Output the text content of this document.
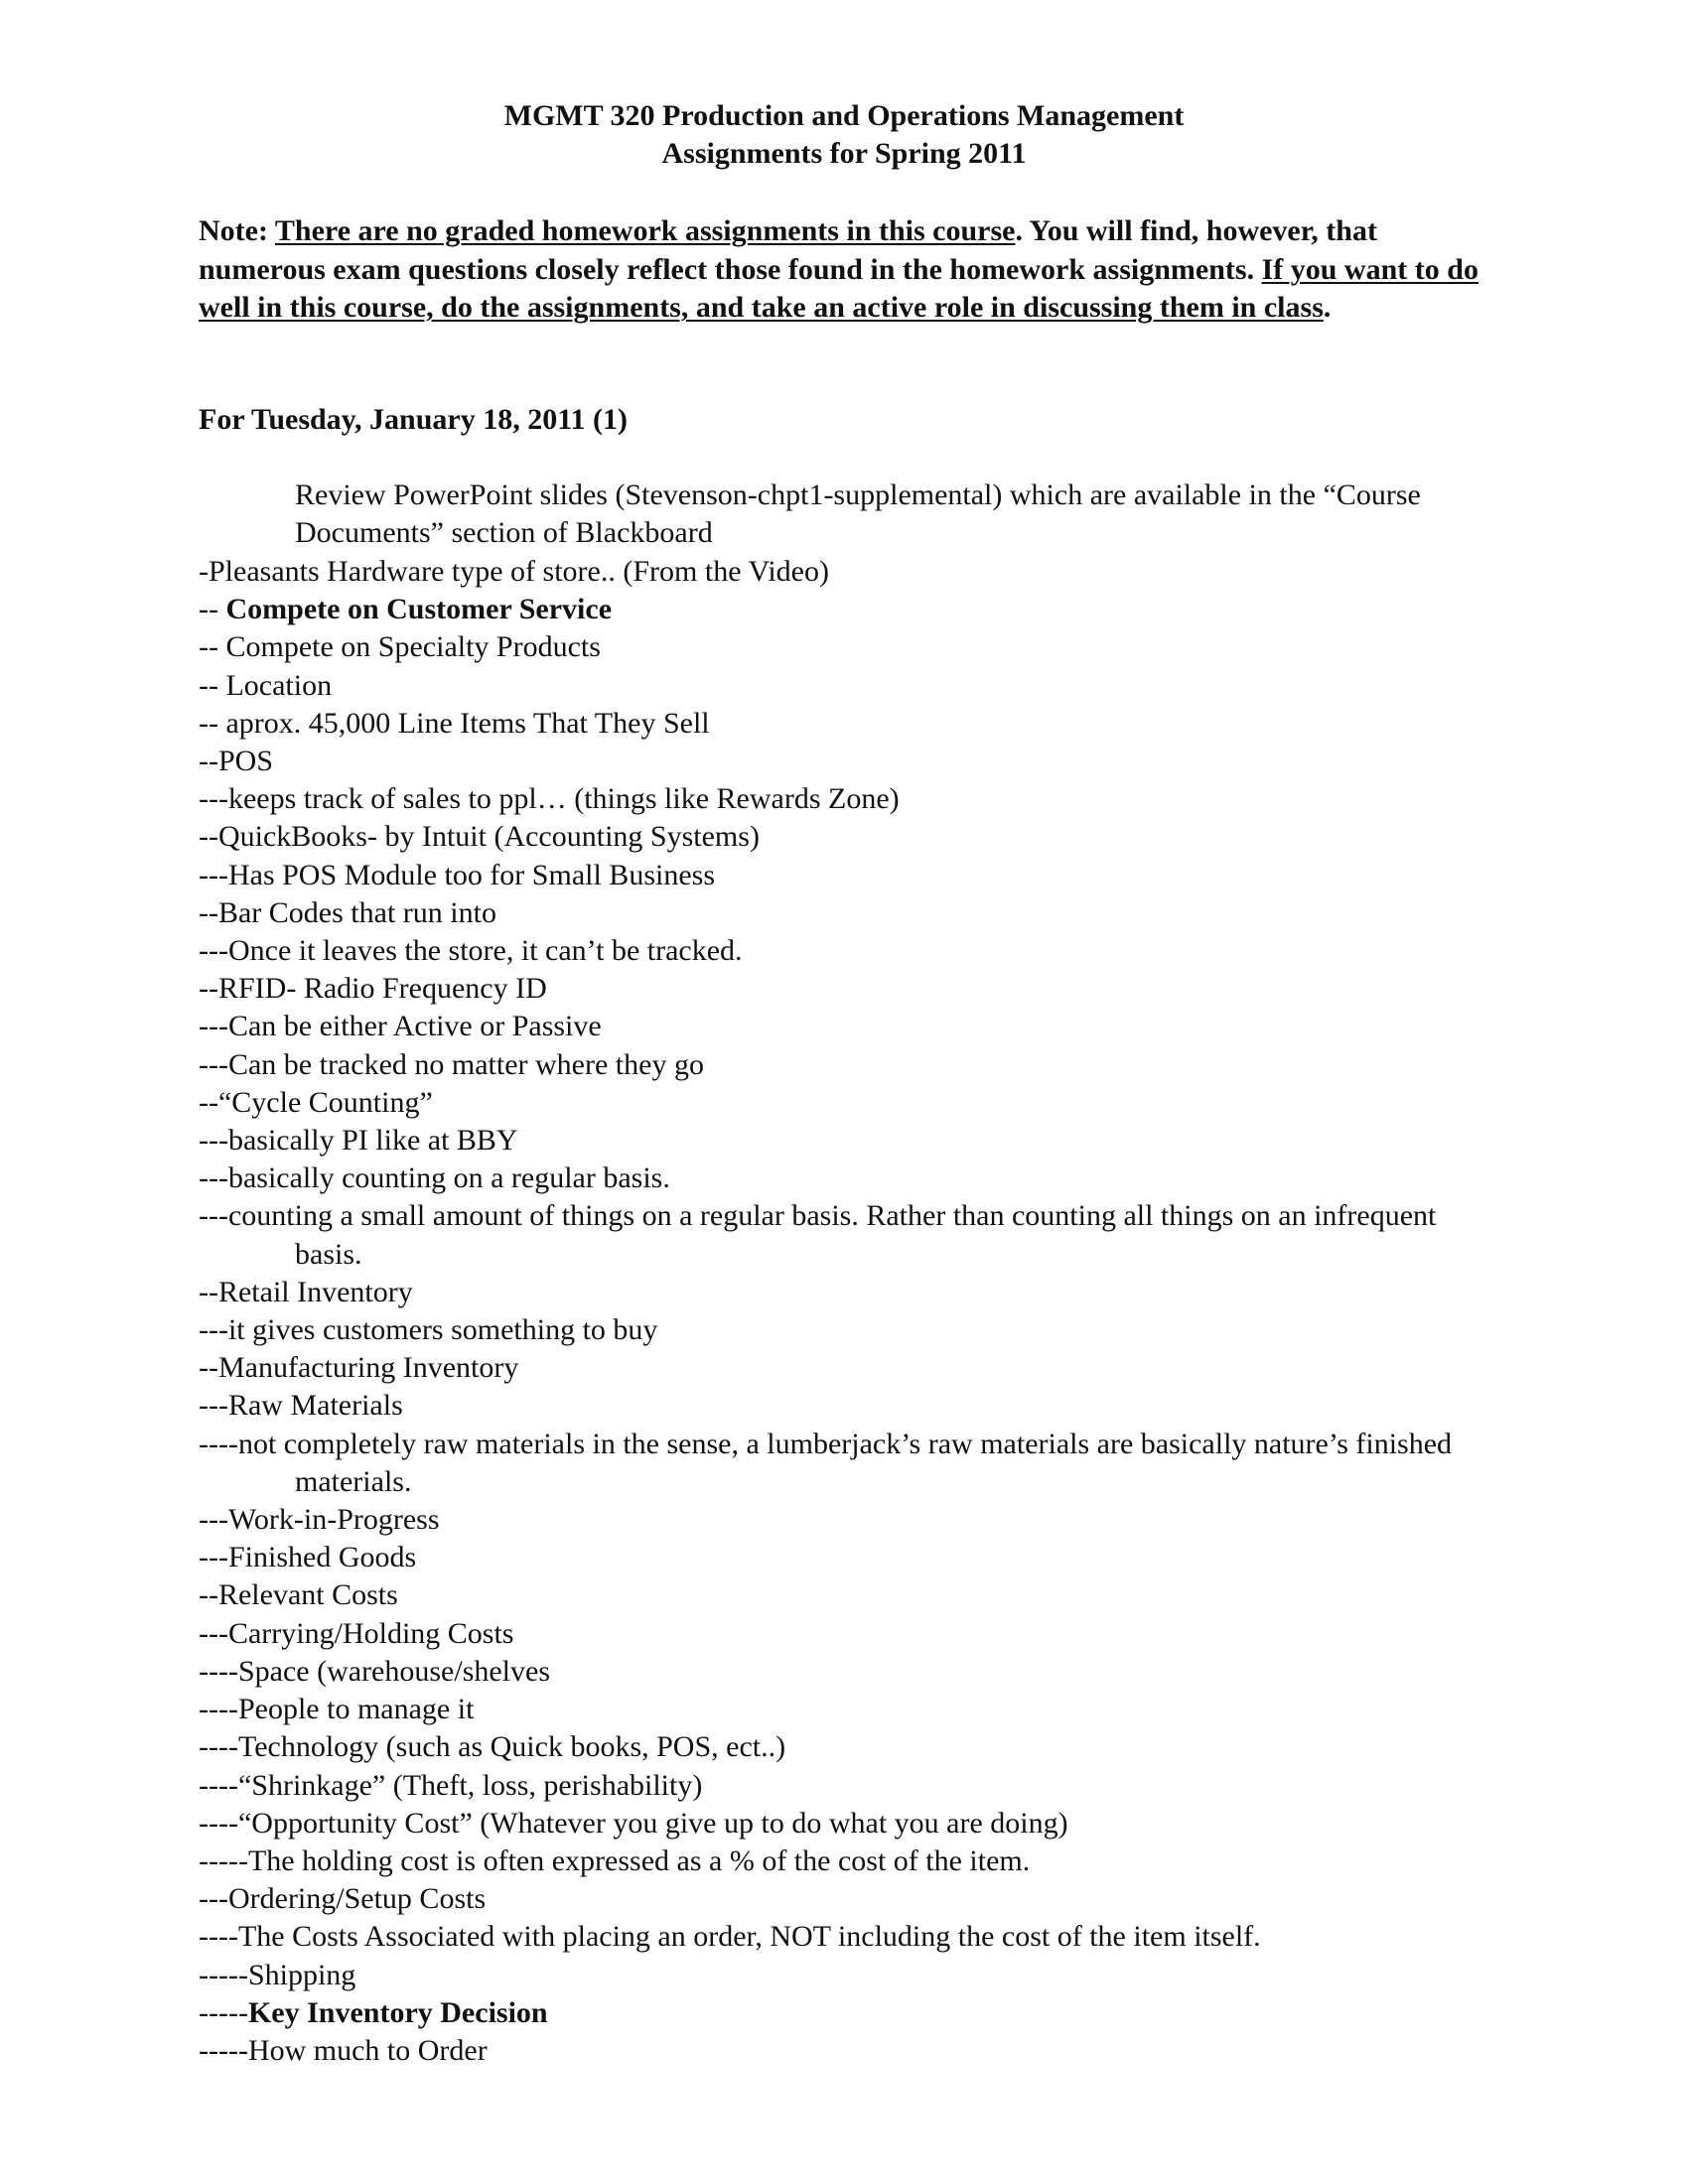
MGMT 320 Production and Operations Management
Assignments for Spring 2011
Note: There are no graded homework assignments in this course. You will find, however, that numerous exam questions closely reflect those found in the homework assignments. If you want to do well in this course, do the assignments, and take an active role in discussing them in class.
For Tuesday, January 18, 2011 (1)
Review PowerPoint slides (Stevenson-chpt1-supplemental) which are available in the “Course Documents” section of Blackboard

-Pleasants Hardware type of store.. (From the Video)

-- Compete on Customer Service

-- Compete on Specialty Products

-- Location

-- aprox. 45,000 Line Items That They Sell

--POS

---keeps track of sales to ppl… (things like Rewards Zone)

--QuickBooks- by Intuit (Accounting Systems)

---Has POS Module too for Small Business

--Bar Codes that run into

---Once it leaves the store, it can’t be tracked.

--RFID- Radio Frequency ID

---Can be either Active or Passive

---Can be tracked no matter where they go

--“Cycle Counting”

---basically PI like at BBY

---basically counting on a regular basis.

---counting a small amount of things on a regular basis. Rather than counting all things on an infrequent basis.

--Retail Inventory

---it gives customers something to buy

--Manufacturing Inventory

---Raw Materials

----not completely raw materials in the sense, a lumberjack’s raw materials are basically nature’s finished materials.

---Work-in-Progress

---Finished Goods

--Relevant Costs

---Carrying/Holding Costs

----Space (warehouse/shelves

----People to manage it

----Technology (such as Quick books, POS, ect..)

----“Shrinkage” (Theft, loss, perishability)

----“Opportunity Cost” (Whatever you give up to do what you are doing)

-----The holding cost is often expressed as a % of the cost of the item.

---Ordering/Setup Costs

----The Costs Associated with placing an order, NOT including the cost of the item itself.

-----Shipping

-----Key Inventory Decision

-----How much to Order
